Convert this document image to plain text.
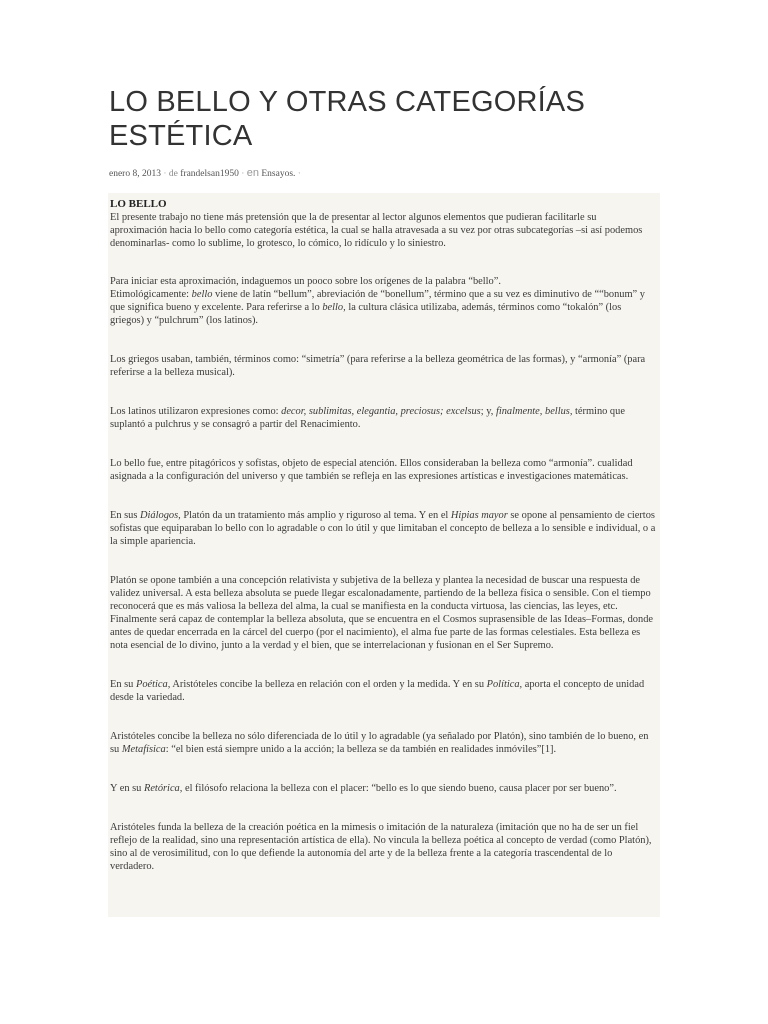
LO BELLO Y OTRAS CATEGORÍAS ESTÉTICA
enero 8, 2013 · de frandelsan1950 · en Ensayos. ·
LO BELLO

El presente trabajo no tiene más pretensión que la de presentar al lector algunos elementos que pudieran facilitarle su aproximación hacia lo bello como categoría estética, la cual se halla atravesada a su vez por otras subcategorías –si así podemos denominarlas- como lo sublime, lo grotesco, lo cómico, lo ridículo y lo siniestro.

Para iniciar esta aproximación, indaguemos un pooco sobre los orígenes de la palabra “bello”.
Etimológicamente: bello viene de latín “bellum”, abreviación de “bonellum”, término que a su vez es diminutivo de ““bonum” y que significa bueno y excelente. Para referirse a lo bello, la cultura clásica utilizaba, además, términos como “tokalón” (los griegos) y “pulchrum” (los latinos).

Los griegos usaban, también, términos como: “simetría” (para referirse a la belleza geométrica de las formas), y “armonía” (para referirse a la belleza musical).

Los latinos utilizaron expresiones como: decor, sublimitas, elegantia, preciosus; excelsus; y, finalmente, bellus, término que suplantó a pulchrus y se consagró a partir del Renacimiento.

Lo bello fue, entre pitagóricos y sofistas, objeto de especial atención. Ellos consideraban la belleza como “armonía”. cualidad asignada a la configuración del universo y que también se refleja en las expresiones artísticas e investigaciones matemáticas.

En sus Diálogos, Platón da un tratamiento más amplio y riguroso al tema. Y en el Hipias mayor se opone al pensamiento de ciertos sofistas que equiparaban lo bello con lo agradable o con lo útil y que limitaban el concepto de belleza a lo sensible e individual, o a la simple apariencia.

Platón se opone también a una concepción relativista y subjetiva de la belleza y plantea la necesidad de buscar una respuesta de validez universal. A esta belleza absoluta se puede llegar escalonadamente, partiendo de la belleza física o sensible. Con el tiempo reconocerá que es más valiosa la belleza del alma, la cual se manifiesta en la conducta virtuosa, las ciencias, las leyes, etc. Finalmente será capaz de contemplar la belleza absoluta, que se encuentra en el Cosmos suprasensible de las Ideas–Formas, donde antes de quedar encerrada en la cárcel del cuerpo (por el nacimiento), el alma fue parte de las formas celestiales. Esta belleza es nota esencial de lo divino, junto a la verdad y el bien, que se interrelacionan y fusionan en el Ser Supremo.

En su Poética, Aristóteles concibe la belleza en relación con el orden y la medida. Y en su Política, aporta el concepto de unidad desde la variedad.

Aristóteles concibe la belleza no sólo diferenciada de lo útil y lo agradable (ya señalado por Platón), sino también de lo bueno, en su Metafísica: “el bien está siempre unido a la acción; la belleza se da también en realidades inmóviles”[1].

Y en su Retórica, el filósofo relaciona la belleza con el placer: “bello es lo que siendo bueno, causa placer por ser bueno”.

Aristóteles funda la belleza de la creación poética en la mimesis o imitación de la naturaleza (imitación que no ha de ser un fiel reflejo de la realidad, sino una representación artística de ella). No vincula la belleza poética al concepto de verdad (como Platón), sino al de verosimilitud, con lo que defiende la autonomía del arte y de la belleza frente a la categoría trascendental de lo verdadero.
